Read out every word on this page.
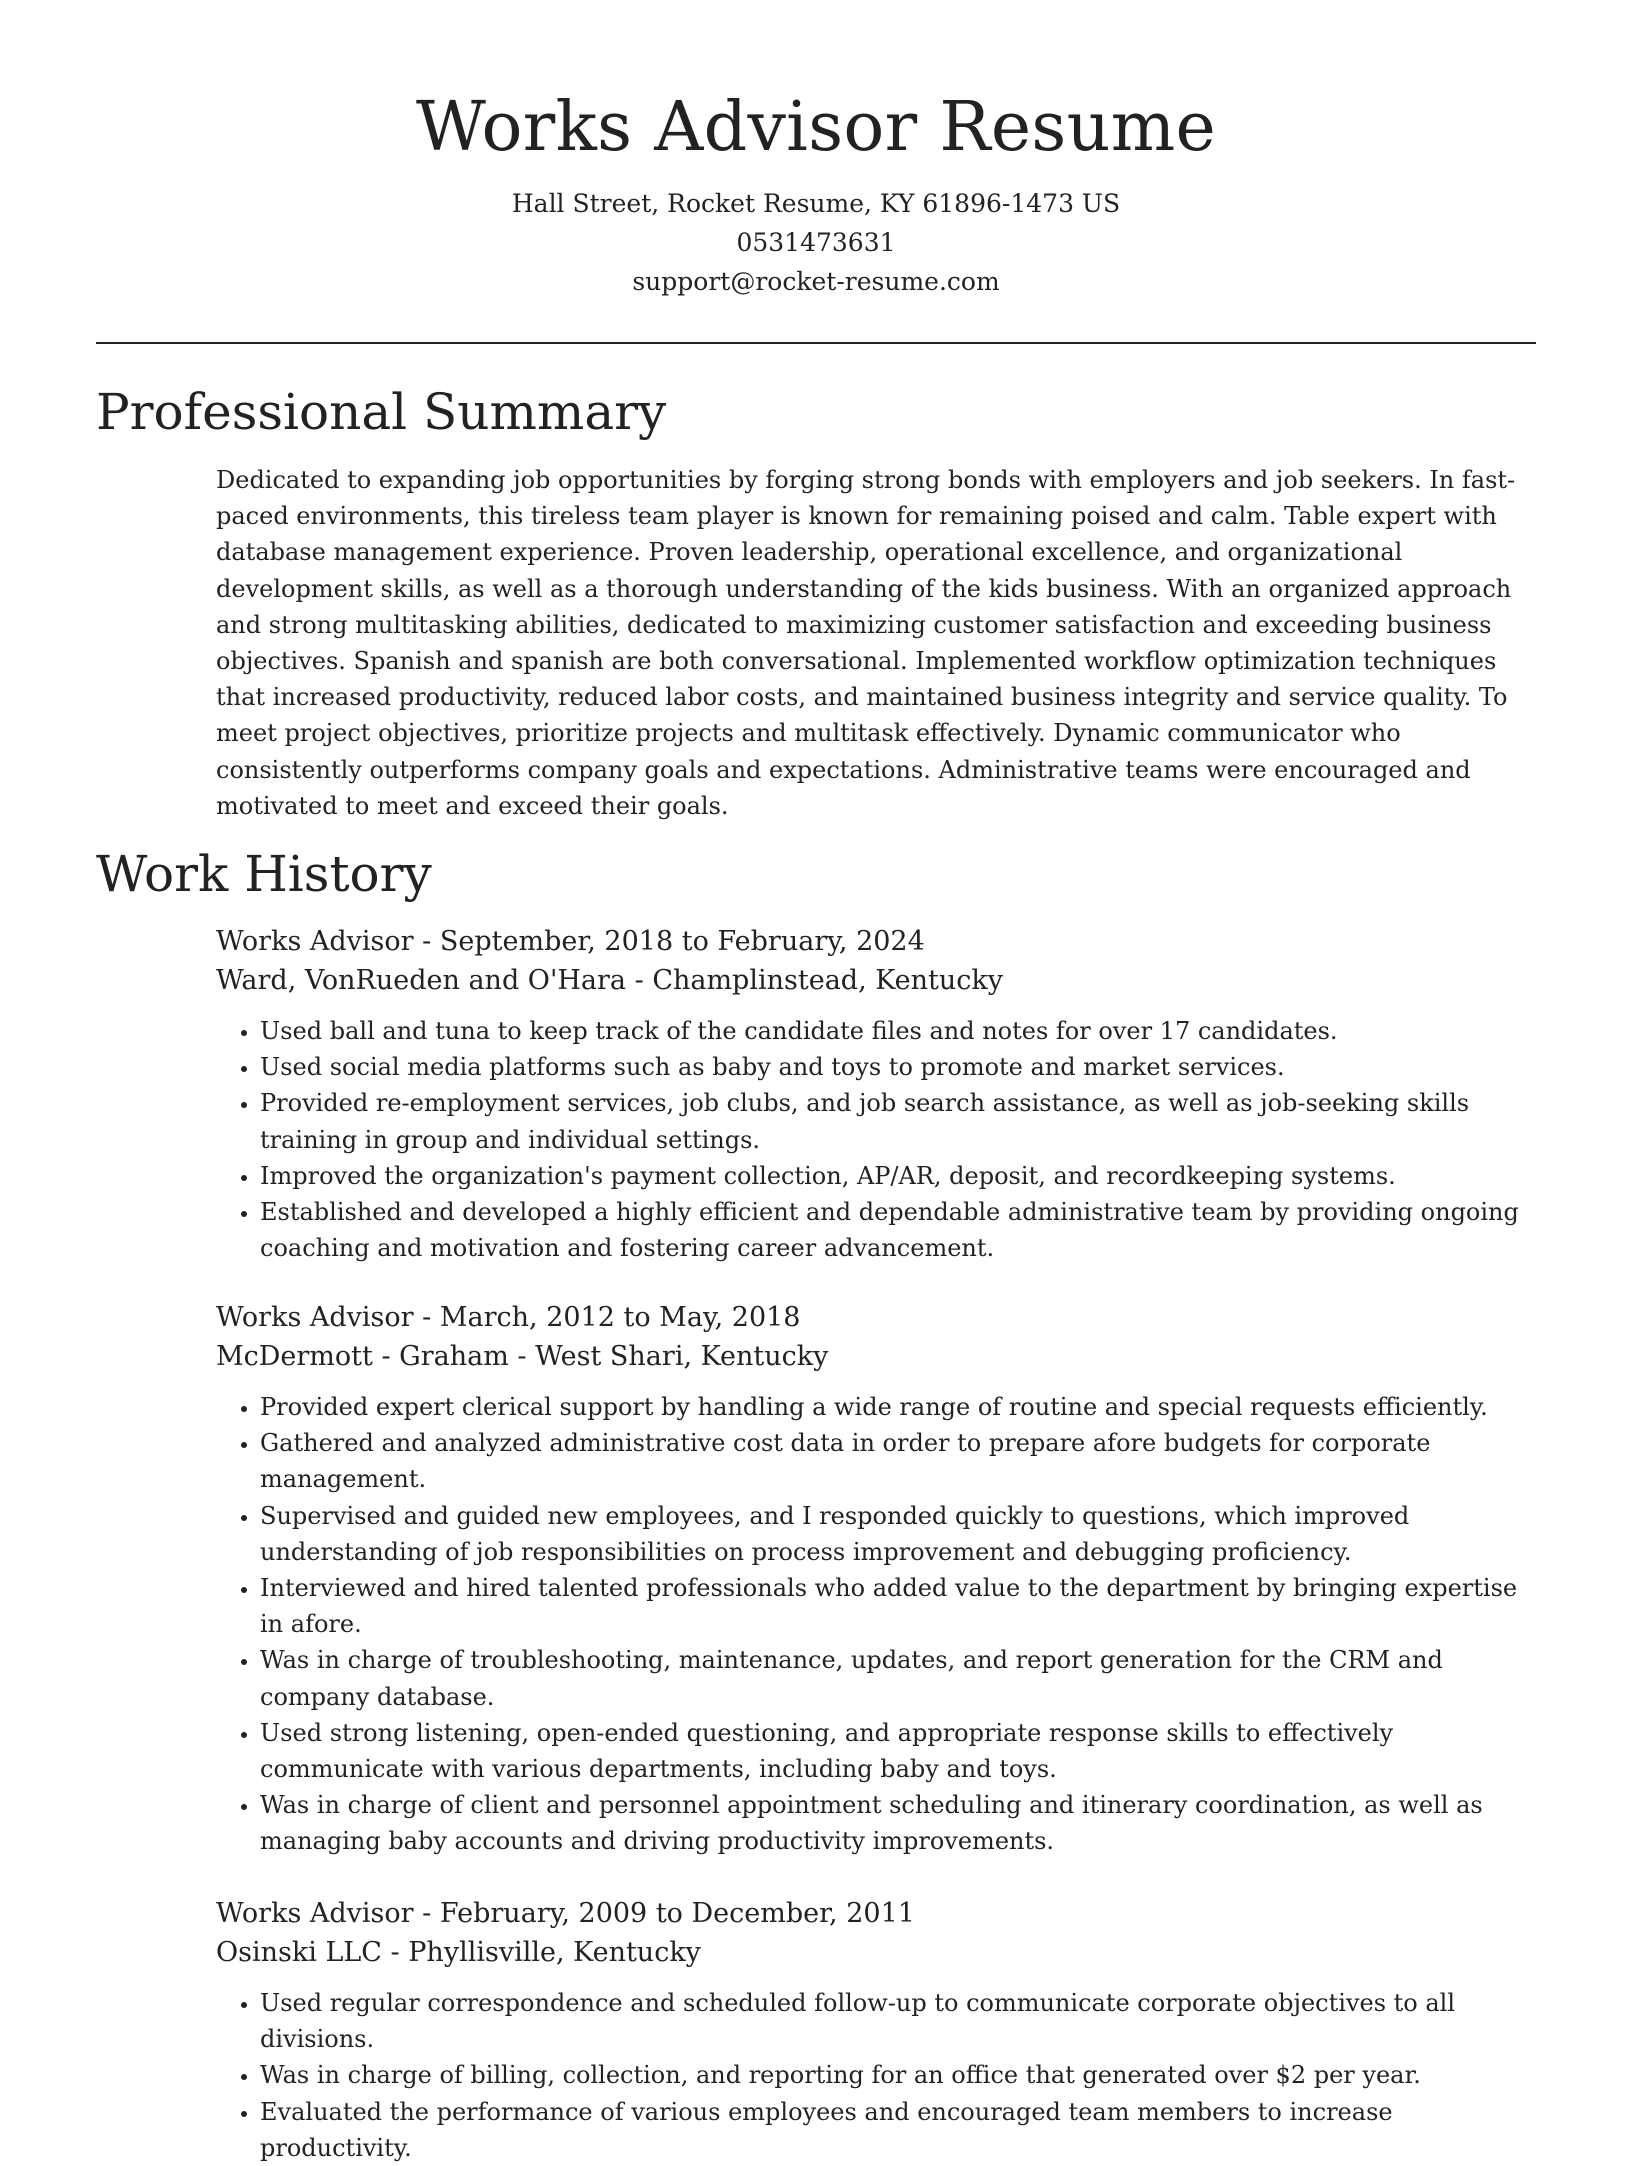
Works Advisor Resume

Hall Street, Rocket Resume, KY 61896-1473 US

0531473631

support@rocket-resume.com

Professional Summary

Dedicated to expanding job opportunities by forging strong bonds with employers and job seekers. In fast-paced environments, this tireless team player is known for remaining poised and calm. Table expert with database management experience. Proven leadership, operational excellence, and organizational development skills, as well as a thorough understanding of the kids business. With an organized approach and strong multitasking abilities, dedicated to maximizing customer satisfaction and exceeding business objectives. Spanish and spanish are both conversational. Implemented workflow optimization techniques that increased productivity, reduced labor costs, and maintained business integrity and service quality. To meet project objectives, prioritize projects and multitask effectively. Dynamic communicator who consistently outperforms company goals and expectations. Administrative teams were encouraged and motivated to meet and exceed their goals.

Work History

Works Advisor - September, 2018 to February, 2024

Ward, VonRueden and O'Hara - Champlinstead, Kentucky

• Used ball and tuna to keep track of the candidate files and notes for over 17 candidates.
• Used social media platforms such as baby and toys to promote and market services.
• Provided re-employment services, job clubs, and job search assistance, as well as job-seeking skills training in group and individual settings.
• Improved the organization's payment collection, AP/AR, deposit, and recordkeeping systems.
• Established and developed a highly efficient and dependable administrative team by providing ongoing coaching and motivation and fostering career advancement.

Works Advisor - March, 2012 to May, 2018

McDermott - Graham - West Shari, Kentucky

• Provided expert clerical support by handling a wide range of routine and special requests efficiently.
• Gathered and analyzed administrative cost data in order to prepare afore budgets for corporate management.
• Supervised and guided new employees, and I responded quickly to questions, which improved understanding of job responsibilities on process improvement and debugging proficiency.
• Interviewed and hired talented professionals who added value to the department by bringing expertise in afore.
• Was in charge of troubleshooting, maintenance, updates, and report generation for the CRM and company database.
• Used strong listening, open-ended questioning, and appropriate response skills to effectively communicate with various departments, including baby and toys.
• Was in charge of client and personnel appointment scheduling and itinerary coordination, as well as managing baby accounts and driving productivity improvements.

Works Advisor - February, 2009 to December, 2011

Osinski LLC - Phyllisville, Kentucky

• Used regular correspondence and scheduled follow-up to communicate corporate objectives to all divisions.
• Was in charge of billing, collection, and reporting for an office that generated over $2 per year.
• Evaluated the performance of various employees and encouraged team members to increase productivity.
